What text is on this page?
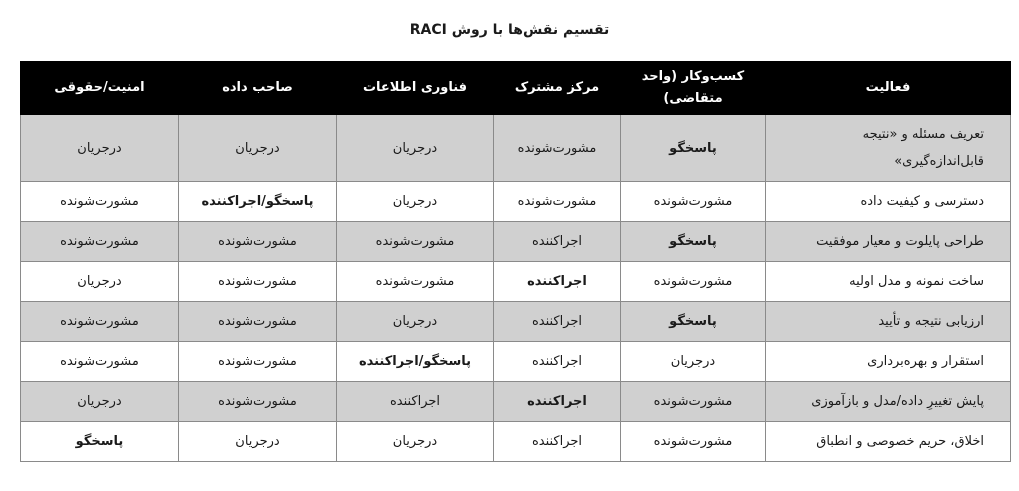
تقسیم نقش‌ها با روش RACI
فعالیت	کسب‌وکار (واحد متقاضی)	مرکز مشترک	فناوری اطلاعات	صاحب داده	امنیت/حقوقی
تعریف مسئله و «نتیجه قابل‌اندازه‌گیری»	پاسخگو	مشورت‌شونده	درجریان	درجریان	درجریان
دسترسی و کیفیت داده	مشورت‌شونده	مشورت‌شونده	درجریان	پاسخگو/اجراکننده	مشورت‌شونده
طراحی پایلوت و معیار موفقیت	پاسخگو	اجراکننده	مشورت‌شونده	مشورت‌شونده	مشورت‌شونده
ساخت نمونه و مدل اولیه	مشورت‌شونده	اجراکننده	مشورت‌شونده	مشورت‌شونده	درجریان
ارزیابی نتیجه و تأیید	پاسخگو	اجراکننده	درجریان	مشورت‌شونده	مشورت‌شونده
استقرار و بهره‌برداری	درجریان	اجراکننده	پاسخگو/اجراکننده	مشورت‌شونده	مشورت‌شونده
پایش تغییرِ داده/مدل و بازآموزی	مشورت‌شونده	اجراکننده	اجراکننده	مشورت‌شونده	درجریان
اخلاق، حریم خصوصی و انطباق	مشورت‌شونده	اجراکننده	درجریان	درجریان	پاسخگو
